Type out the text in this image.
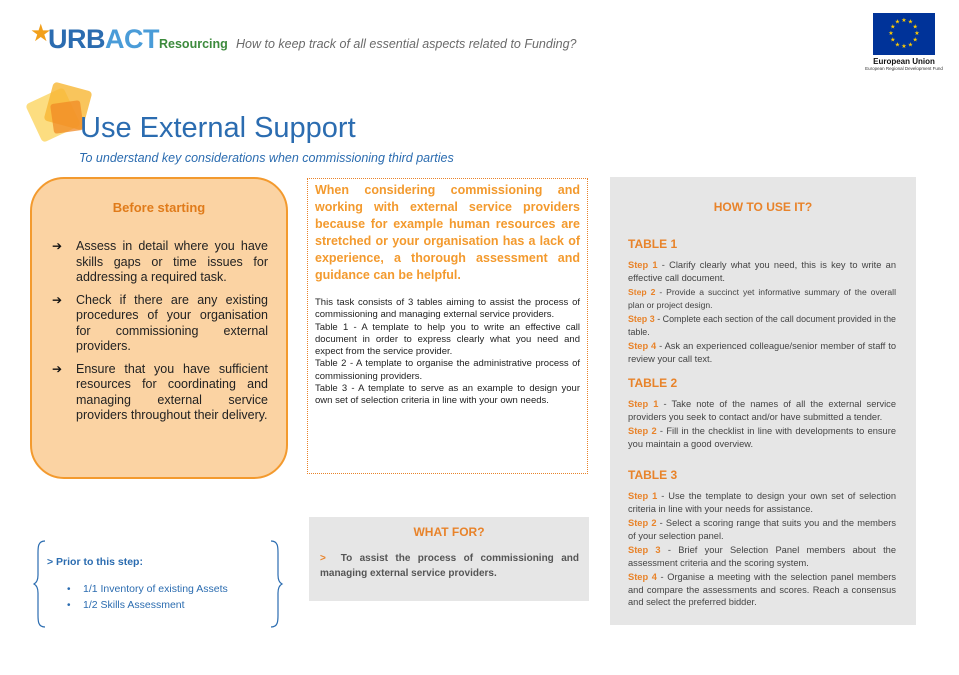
★
URBACT Resourcing How to keep track of all essential aspects related to Funding?
★ ★
★
★
★
★
★
★
★
★
★
★
European Union
European Regional Development Fund
Use External Support
To understand key considerations when commissioning third parties
Before starting
➔ Assess in detail where you have skills gaps or time issues for addressing a required task.
➔ Check if there are any existing procedures of your organisation for commissioning external providers.
➔ Ensure that you have sufficient resources for coordinating and managing external service providers throughout their delivery.

When considering commissioning and working with external service providers because for example human resources are stretched or your organisation has a lack of experience, a thorough assessment and guidance can be helpful.

This task consists of 3 tables aiming to assist the process of commissioning and managing external service providers.

Table 1 - A template to help you to write an effective call document in order to express clearly what you need and expect from the service provider.

Table 2 - A template to organise the administrative process of commissioning providers.

Table 3 - A template to serve as an example to design your own set of selection criteria in line with your own needs.

WHAT FOR?
> To assist the process of commissioning and managing external service providers.
> Prior to this step:
• 1/1 Inventory of existing Assets
• 1/2 Skills Assessment
HOW TO USE IT?
TABLE 1

Step 1 - Clarify clearly what you need, this is key to write an effective call document.

Step 2 - Provide a succinct yet informative summary of the overall plan or project design.

Step 3 - Complete each section of the call document provided in the table.

Step 4 - Ask an experienced colleague/senior member of staff to review your call text.

TABLE 2

Step 1 - Take note of the names of all the external service providers you seek to contact and/or have submitted a tender.

Step 2 - Fill in the checklist in line with developments to ensure you maintain a good overview.

TABLE 3

Step 1 - Use the template to design your own set of selection criteria in line with your needs for assistance.

Step 2 - Select a scoring range that suits you and the members of your selection panel.

Step 3 - Brief your Selection Panel members about the assessment criteria and the scoring system.

Step 4 - Organise a meeting with the selection panel members and compare the assessments and scores. Reach a consensus and select the preferred bidder.
